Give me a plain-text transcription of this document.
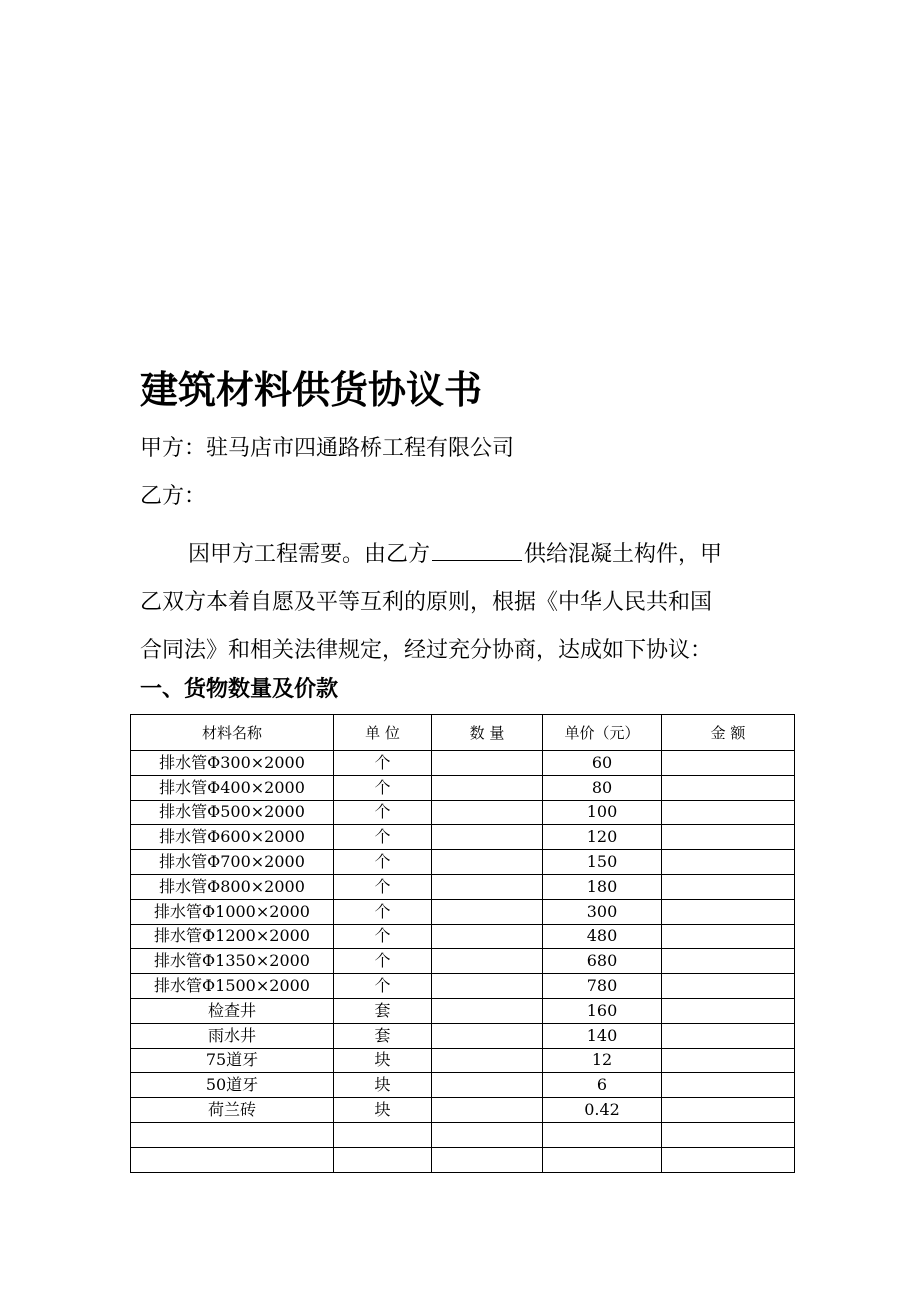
建筑材料供货协议书
甲方：驻马店市四通路桥工程有限公司
乙方：
因甲方工程需要。由乙方	供给混凝土构件，甲
乙双方本着自愿及平等互利的原则，根据《中华人民共和国
合同法》和相关法律规定，经过充分协商，达成如下协议：
一、货物数量及价款
材料名称	单 位	数 量	单价（元）	金 额
排水管Φ300×2000	个		60	
排水管Φ400×2000	个		80	
排水管Φ500×2000	个		100	
排水管Φ600×2000	个		120	
排水管Φ700×2000	个		150	
排水管Φ800×2000	个		180	
排水管Φ1000×2000	个		300	
排水管Φ1200×2000	个		480	
排水管Φ1350×2000	个		680	
排水管Φ1500×2000	个		780	
检查井	套		160	
雨水井	套		140	
75道牙	块		12	
50道牙	块		6	
荷兰砖	块		0.42	
